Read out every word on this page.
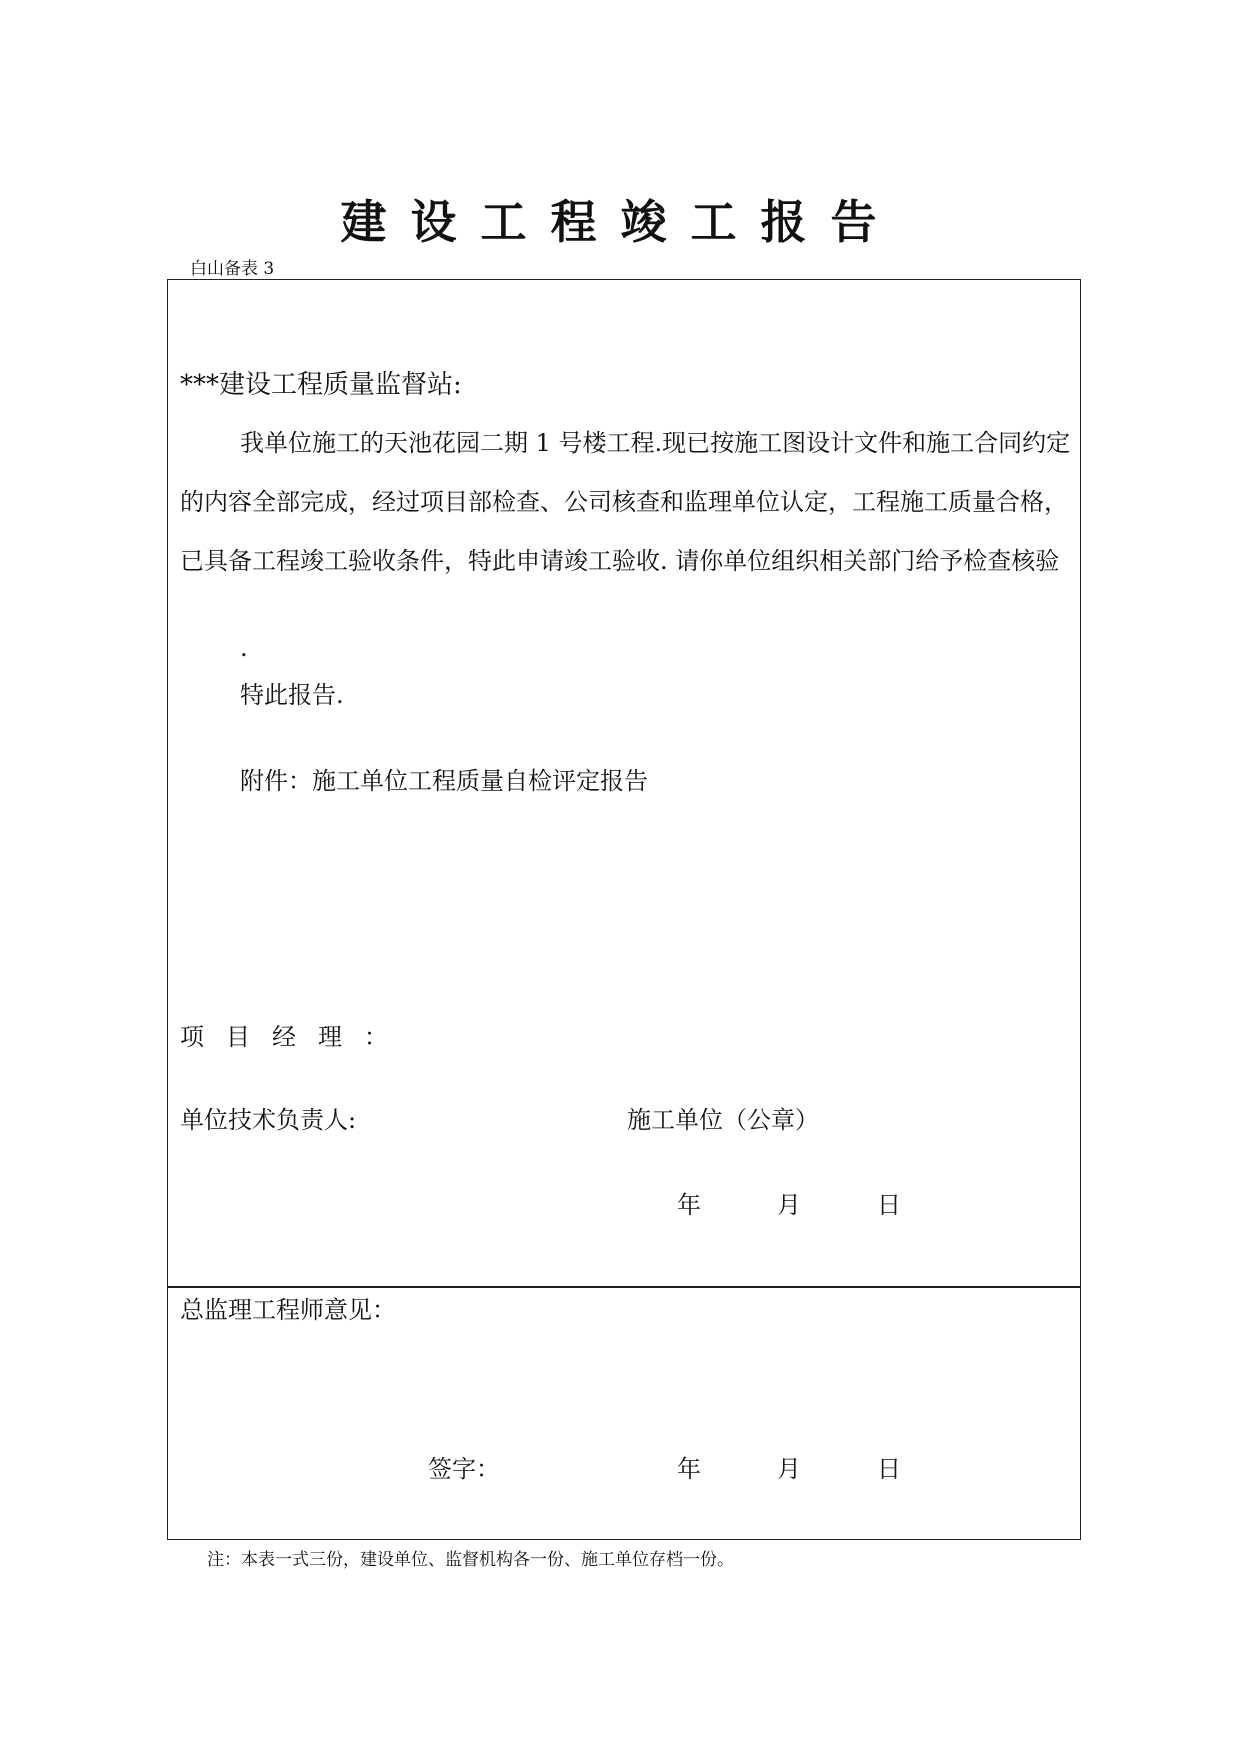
建设工程竣工报告
白山备表 3
***建设工程质量监督站:
我单位施工的天池花园二期 1 号楼工程.现已按施工图设计文件和施工合同约定的内容全部完成，经过项目部检查、公司核查和监理单位认定，工程施工质量合格，已具备工程竣工验收条件，特此申请竣工验收. 请你单位组织相关部门给予检查核验
.
特此报告.
附件：施工单位工程质量自检评定报告
项目经理：
单位技术负责人:	施工单位（公章）
年	月	日
总监理工程师意见：
签字：	年	月	日
注：本表一式三份，建设单位、监督机构各一份、施工单位存档一份。
